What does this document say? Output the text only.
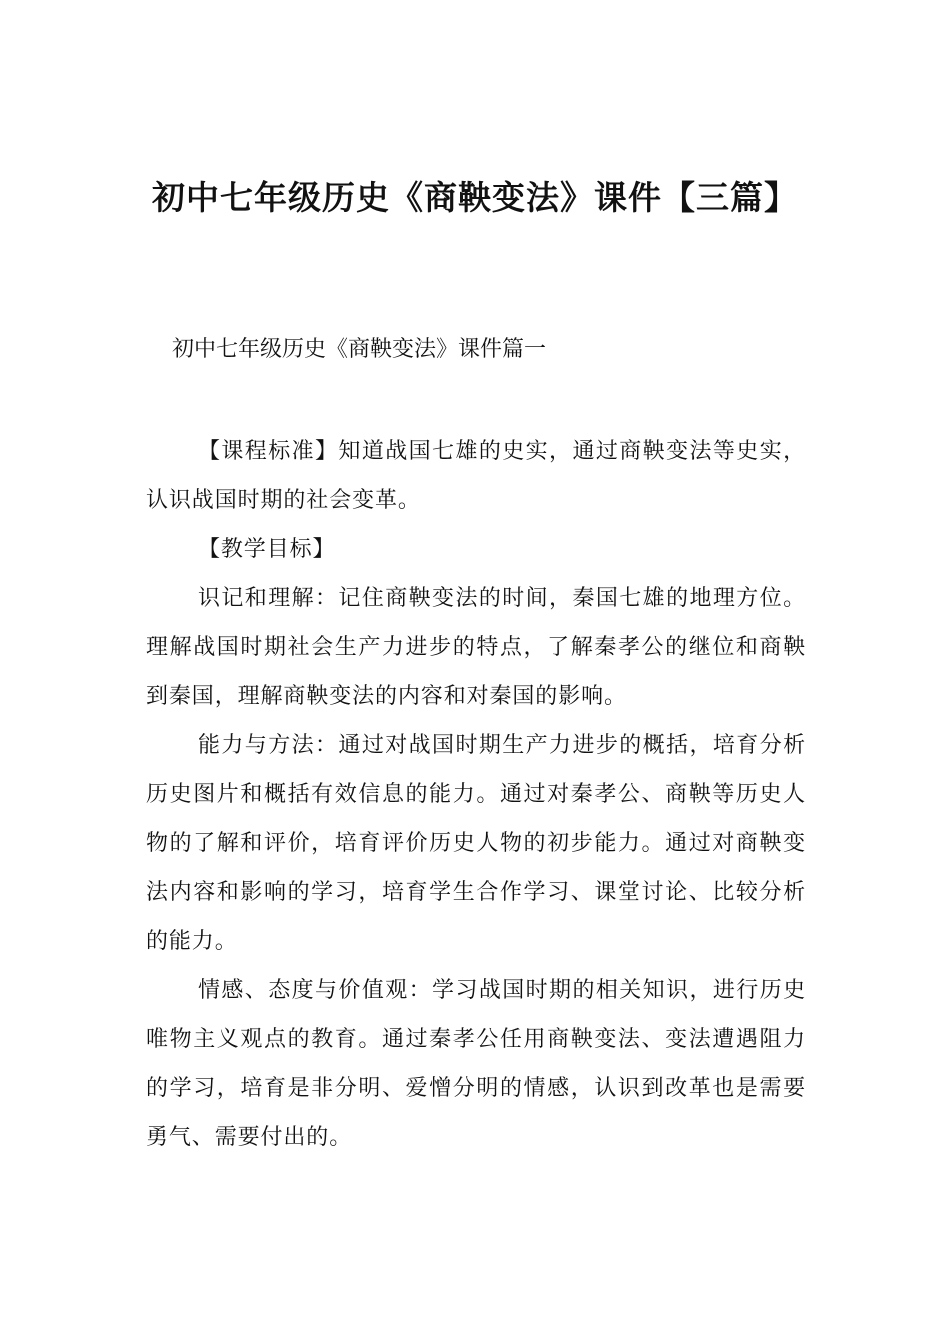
初中七年级历史《商鞅变法》课件【三篇】

初中七年级历史《商鞅变法》课件篇一

【课程标准】知道战国七雄的史实，通过商鞅变法等史实，认识战国时期的社会变革。

【教学目标】

识记和理解：记住商鞅变法的时间，秦国七雄的地理方位。理解战国时期社会生产力进步的特点，了解秦孝公的继位和商鞅到秦国，理解商鞅变法的内容和对秦国的影响。

能力与方法：通过对战国时期生产力进步的概括，培育分析历史图片和概括有效信息的能力。通过对秦孝公、商鞅等历史人物的了解和评价，培育评价历史人物的初步能力。通过对商鞅变法内容和影响的学习，培育学生合作学习、课堂讨论、比较分析的能力。

情感、态度与价值观：学习战国时期的相关知识，进行历史唯物主义观点的教育。通过秦孝公任用商鞅变法、变法遭遇阻力的学习，培育是非分明、爱憎分明的情感，认识到改革也是需要勇气、需要付出的。
